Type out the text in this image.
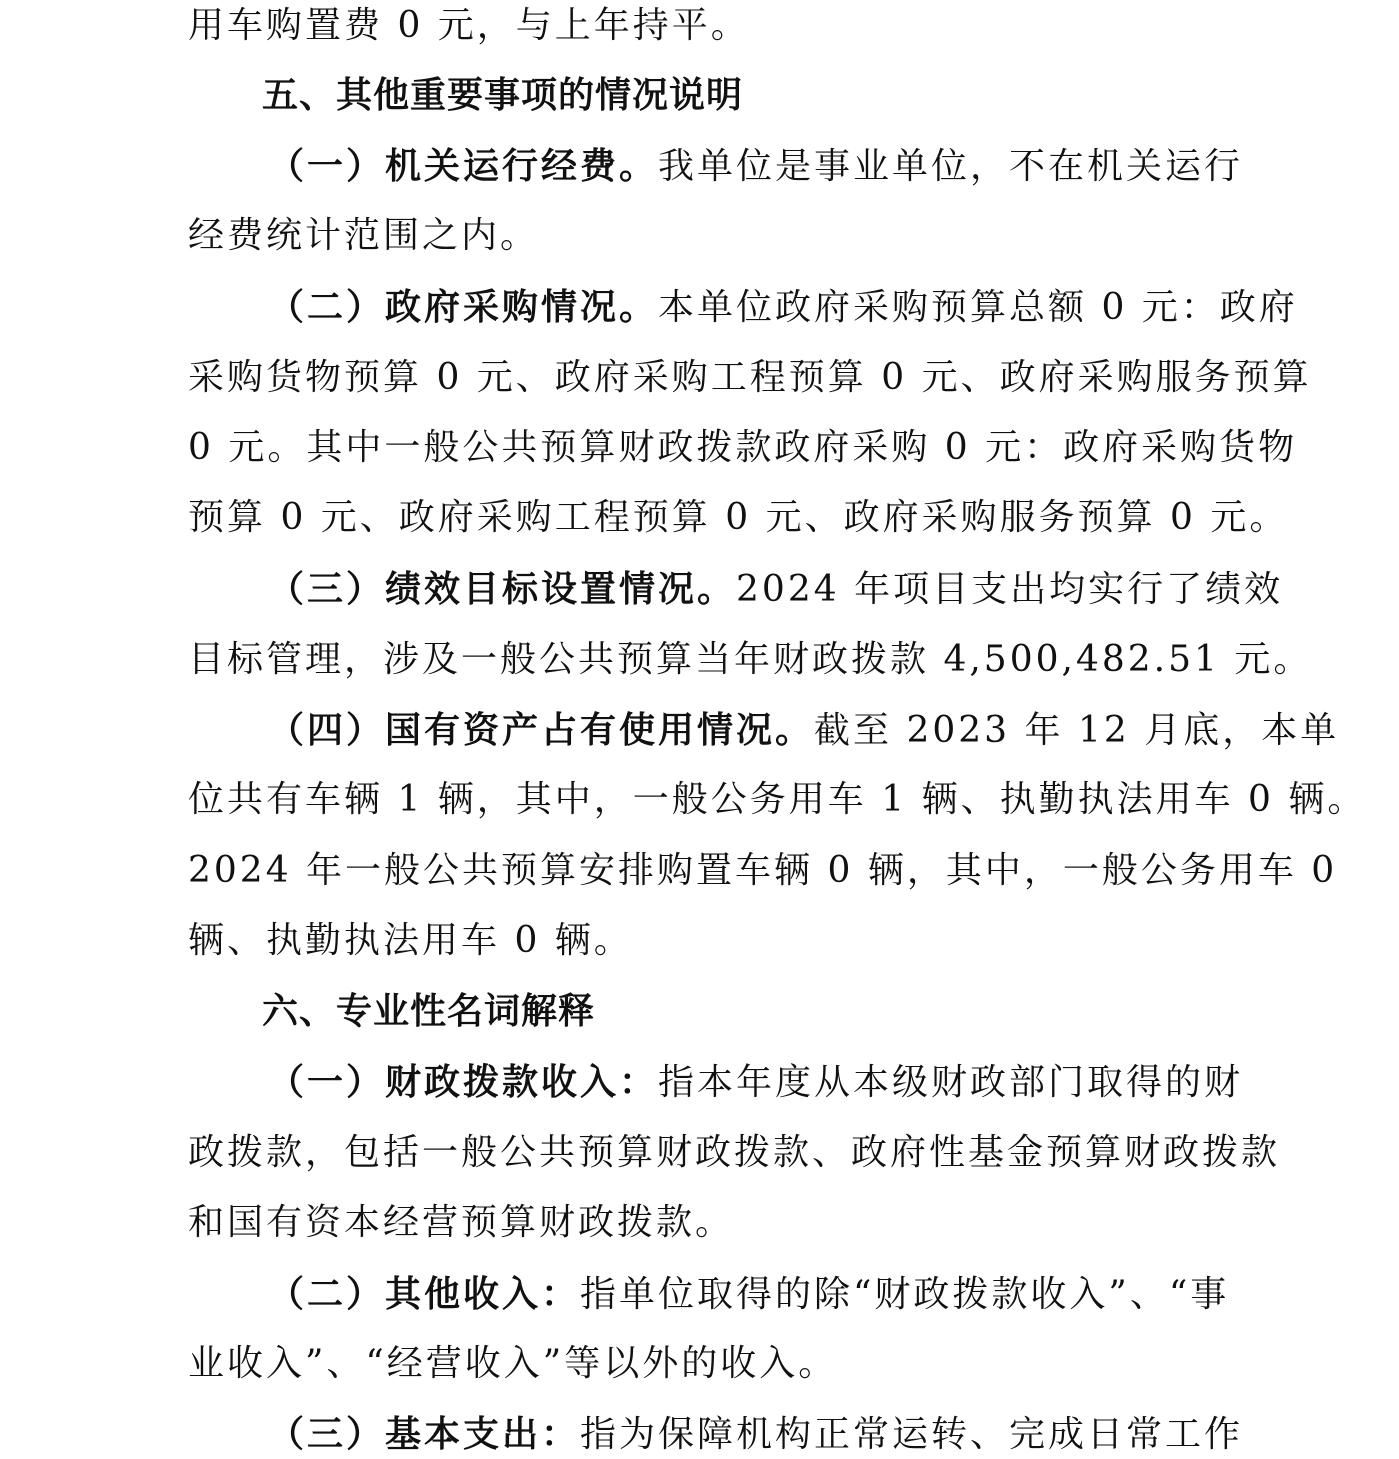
用车购置费 0 元，与上年持平。
五、其他重要事项的情况说明
（一）机关运行经费。我单位是事业单位，不在机关运行
经费统计范围之内。
（二）政府采购情况。本单位政府采购预算总额 0 元：政府
采购货物预算 0 元、政府采购工程预算 0 元、政府采购服务预算
0 元。其中一般公共预算财政拨款政府采购 0 元：政府采购货物
预算 0 元、政府采购工程预算 0 元、政府采购服务预算 0 元。
（三）绩效目标设置情况。2024 年项目支出均实行了绩效
目标管理，涉及一般公共预算当年财政拨款 4,500,482.51 元。
（四）国有资产占有使用情况。截至 2023 年 12 月底，本单
位共有车辆 1 辆，其中，一般公务用车 1 辆、执勤执法用车 0 辆。
2024 年一般公共预算安排购置车辆 0 辆，其中，一般公务用车 0
辆、执勤执法用车 0 辆。
六、专业性名词解释
（一）财政拨款收入：指本年度从本级财政部门取得的财
政拨款，包括一般公共预算财政拨款、政府性基金预算财政拨款
和国有资本经营预算财政拨款。
（二）其他收入：指单位取得的除“财政拨款收入”、“事
业收入”、“经营收入”等以外的收入。
（三）基本支出：指为保障机构正常运转、完成日常工作
